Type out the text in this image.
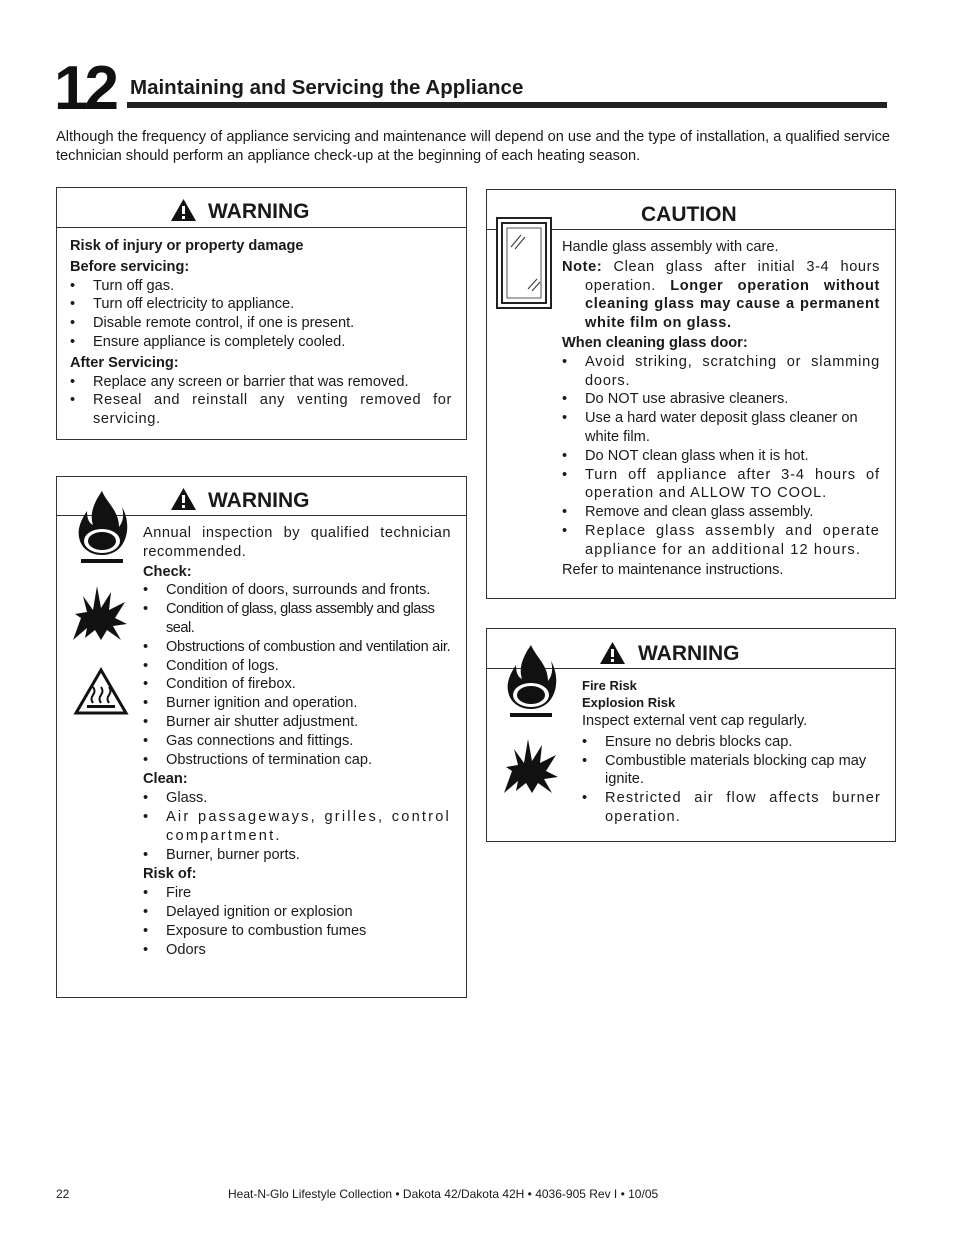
12 Maintaining and Servicing the Appliance
Although the frequency of appliance servicing and maintenance will depend on use and the type of installation, a qualified service technician should perform an appliance check-up at the beginning of each heating season.
WARNING

Risk of injury or property damage

Before servicing:

• Turn off gas.
• Turn off electricity to appliance.
• Disable remote control, if one is present.
• Ensure appliance is completely cooled.

After Servicing:

• Replace any screen or barrier that was removed.
• Reseal and reinstall any venting removed for servicing.
WARNING

Annual inspection by qualified technician recommended.

Check:

• Condition of doors, surrounds and fronts.
• Condition of glass, glass assembly and glass seal.
• Obstructions of combustion and ventilation air.
• Condition of logs.
• Condition of firebox.
• Burner ignition and operation.
• Burner air shutter adjustment.
• Gas connections and fittings.
• Obstructions of termination cap.

Clean:

• Glass.
• Air passageways, grilles, control compartment.
• Burner, burner ports.

Risk of:

• Fire
• Delayed ignition or explosion
• Exposure to combustion fumes
• Odors
CAUTION

Handle glass assembly with care.

Note: Clean glass after initial 3-4 hours operation. Longer operation without cleaning glass may cause a permanent white film on glass.

When cleaning glass door:

• Avoid striking, scratching or slamming doors.
• Do NOT use abrasive cleaners.
• Use a hard water deposit glass cleaner on white film.
• Do NOT clean glass when it is hot.
• Turn off appliance after 3-4 hours of operation and ALLOW TO COOL.
• Remove and clean glass assembly.
• Replace glass assembly and operate appliance for an additional 12 hours.

Refer to maintenance instructions.

WARNING

Fire Risk

Explosion Risk

Inspect external vent cap regularly.

• Ensure no debris blocks cap.
• Combustible materials blocking cap may ignite.
• Restricted air flow affects burner operation.
22	Heat-N-Glo Lifestyle Collection • Dakota 42/Dakota 42H • 4036-905 Rev I • 10/05
